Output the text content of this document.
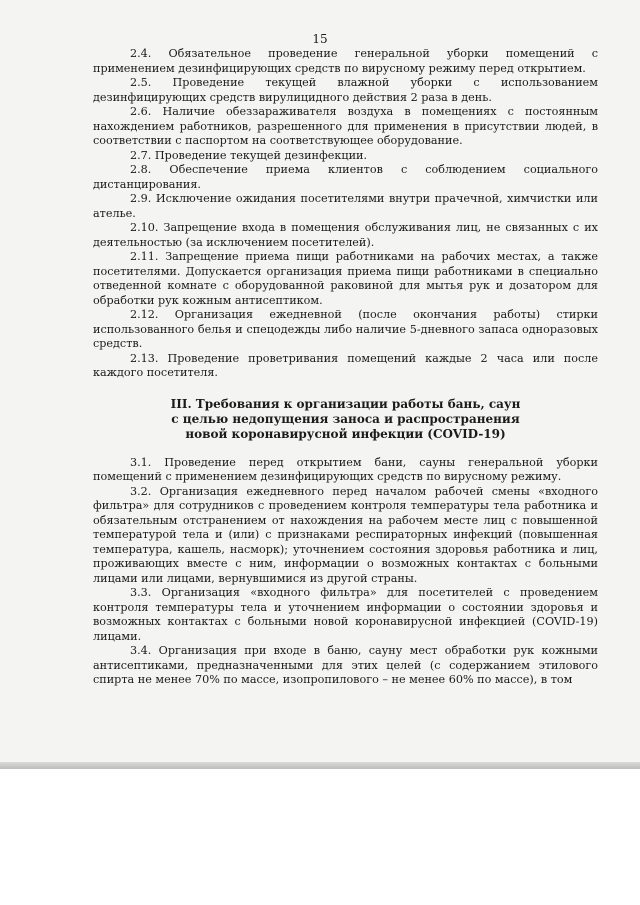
15

2.4. Обязательное проведение генеральной уборки помещений с применением дезинфицирующих средств по вирусному режиму перед открытием.

2.5. Проведение текущей влажной уборки с использованием дезинфицирующих средств вирулицидного действия 2 раза в день.

2.6. Наличие обеззараживателя воздуха в помещениях с постоянным нахождением работников, разрешенного для применения в присутствии людей, в соответствии с паспортом на соответствующее оборудование.

2.7. Проведение текущей дезинфекции.

2.8. Обеспечение приема клиентов с соблюдением социального дистанцирования.

2.9. Исключение ожидания посетителями внутри прачечной, химчистки или ателье.

2.10. Запрещение входа в помещения обслуживания лиц, не связанных с их деятельностью (за исключением посетителей).

2.11. Запрещение приема пищи работниками на рабочих местах, а также посетителями. Допускается организация приема пищи работниками в специально отведенной комнате с оборудованной раковиной для мытья рук и дозатором для обработки рук кожным антисептиком.

2.12. Организация ежедневной (после окончания работы) стирки использованного белья и спецодежды либо наличие 5-дневного запаса одноразовых средств.

2.13. Проведение проветривания помещений каждые 2 часа или после каждого посетителя.

III. Требования к организации работы бань, саун
с целью недопущения заноса и распространения
новой коронавирусной инфекции (COVID-19)

3.1. Проведение перед открытием бани, сауны генеральной уборки помещений с применением дезинфицирующих средств по вирусному режиму.

3.2. Организация ежедневного перед началом рабочей смены «входного фильтра» для сотрудников с проведением контроля температуры тела работника и обязательным отстранением от нахождения на рабочем месте лиц с повышенной температурой тела и (или) с признаками респираторных инфекций (повышенная температура, кашель, насморк); уточнением состояния здоровья работника и лиц, проживающих вместе с ним, информации о возможных контактах с больными лицами или лицами, вернувшимися из другой страны.

3.3. Организация «входного фильтра» для посетителей с проведением контроля температуры тела и уточнением информации о состоянии здоровья и возможных контактах с больными новой коронавирусной инфекцией (COVID-19) лицами.

3.4. Организация при входе в баню, сауну мест обработки рук кожными антисептиками, предназначенными для этих целей (с содержанием этилового спирта не менее 70% по массе, изопропилового – не менее 60% по массе), в том
